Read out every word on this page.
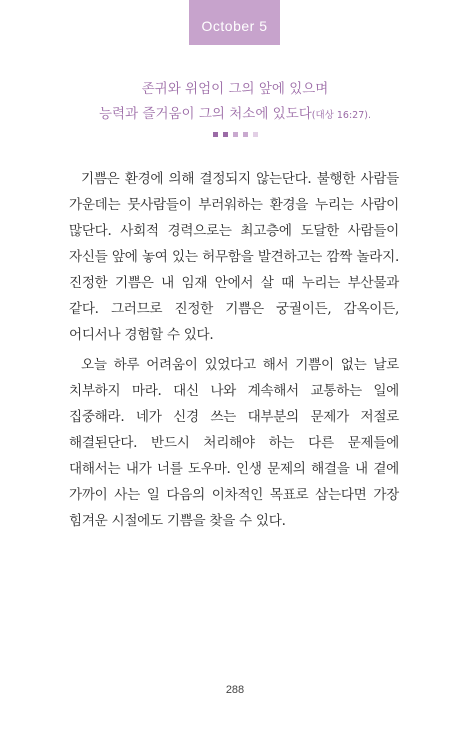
October 5
존귀와 위엄이 그의 앞에 있으며
능력과 즐거움이 그의 처소에 있도다(대상 16:27).

기쁨은 환경에 의해 결정되지 않는단다. 불행한 사람들 가운데는 뭇사람들이 부러워하는 환경을 누리는 사람이 많단다. 사회적 경력으로는 최고층에 도달한 사람들이 자신들 앞에 놓여 있는 허무함을 발견하고는 깜짝 놀라지. 진정한 기쁨은 내 임재 안에서 살 때 누리는 부산물과 같다. 그러므로 진정한 기쁨은 궁궐이든, 감옥이든, 어디서나 경험할 수 있다.

오늘 하루 어려움이 있었다고 해서 기쁨이 없는 날로 치부하지 마라. 대신 나와 계속해서 교통하는 일에 집중해라. 네가 신경 쓰는 대부분의 문제가 저절로 해결된단다. 반드시 처리해야 하는 다른 문제들에 대해서는 내가 너를 도우마. 인생 문제의 해결을 내 곁에 가까이 사는 일 다음의 이차적인 목표로 삼는다면 가장 힘겨운 시절에도 기쁨을 찾을 수 있다.

288
